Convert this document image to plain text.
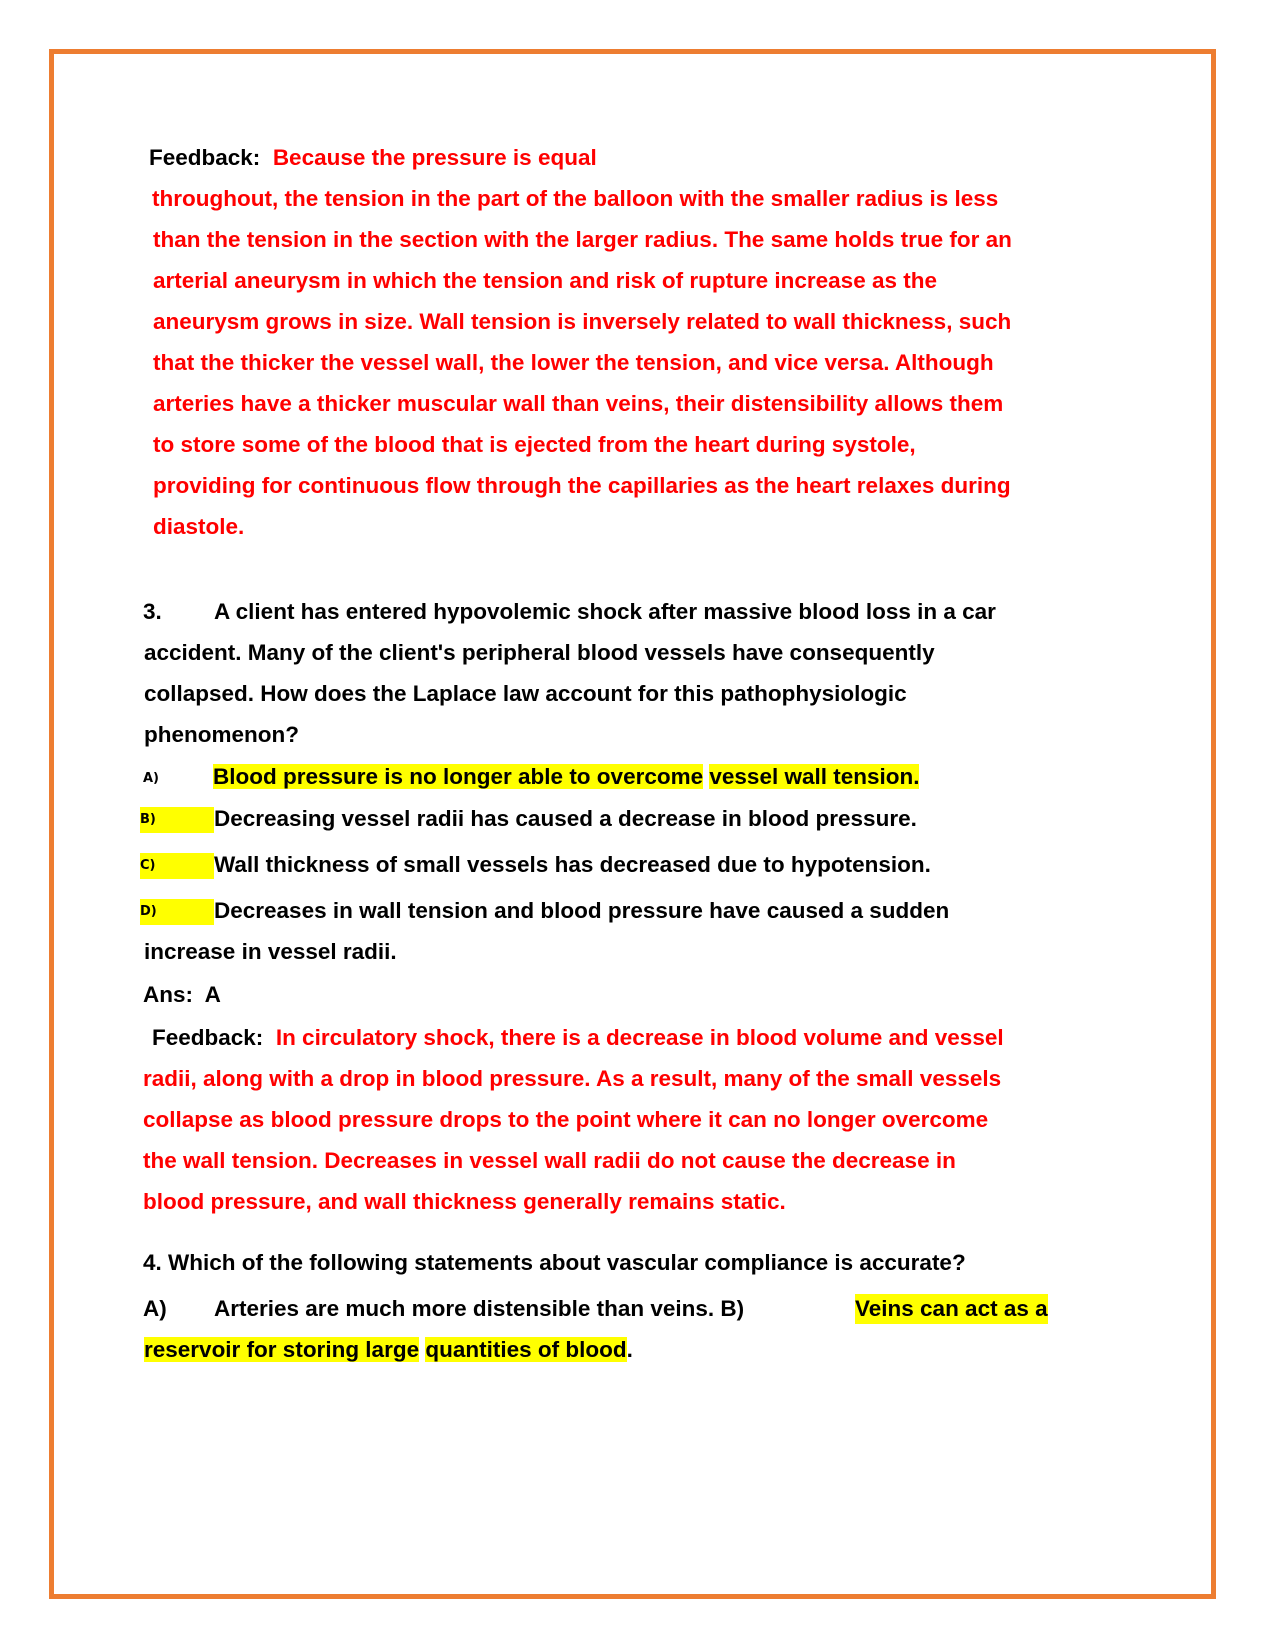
Feedback: Because the pressure is equal
throughout, the tension in the part of the balloon with the smaller radius is less
than the tension in the section with the larger radius. The same holds true for an
arterial aneurysm in which the tension and risk of rupture increase as the
aneurysm grows in size. Wall tension is inversely related to wall thickness, such
that the thicker the vessel wall, the lower the tension, and vice versa. Although
arteries have a thicker muscular wall than veins, their distensibility allows them
to store some of the blood that is ejected from the heart during systole,
providing for continuous flow through the capillaries as the heart relaxes during
diastole.
3. A client has entered hypovolemic shock after massive blood loss in a car
accident. Many of the client's peripheral blood vessels have consequently
collapsed. How does the Laplace law account for this pathophysiologic
phenomenon?
A) Blood pressure is no longer able to overcome vessel wall tension.
B)	Decreasing vessel radii has caused a decrease in blood pressure.
C)	Wall thickness of small vessels has decreased due to hypotension.
D)	Decreases in wall tension and blood pressure have caused a sudden
increase in vessel radii.
Ans: A
Feedback: In circulatory shock, there is a decrease in blood volume and vessel
radii, along with a drop in blood pressure. As a result, many of the small vessels
collapse as blood pressure drops to the point where it can no longer overcome
the wall tension. Decreases in vessel wall radii do not cause the decrease in
blood pressure, and wall thickness generally remains static.
4. Which of the following statements about vascular compliance is accurate?
A) Arteries are much more distensible than veins. B)	Veins can act as a
reservoir for storing large quantities of blood.
